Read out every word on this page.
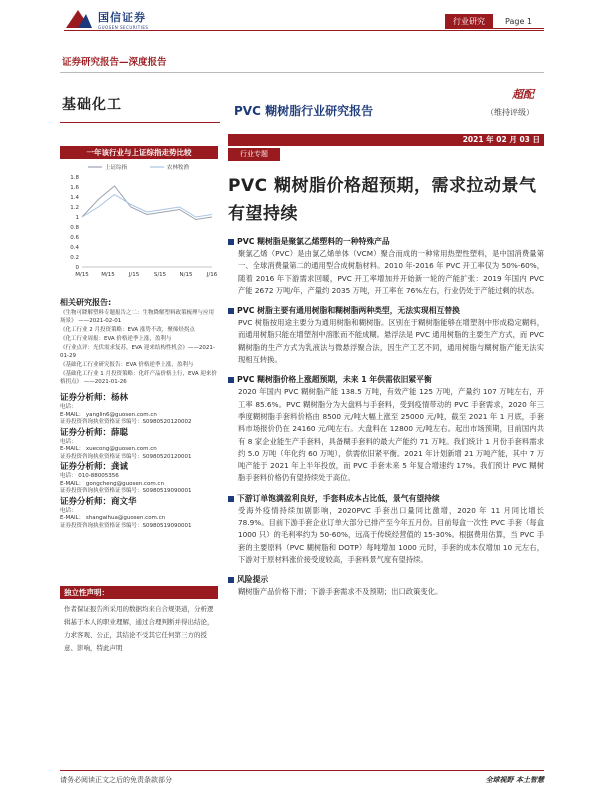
国信证券
GUOSEN SECURITIES
行业研究	Page 1
证券研究报告—深度报告
基础化工	PVC 糊树脂行业研究报告
超配
（维持评级）
2021 年 02 月 03 日
行业专题
一年该行业与上证综指走势比较
上证综指	农林牧渔
1.8
1.6
1.4
1.2
1
0.8
0.6
0.4
0.2
0
M/15 M/15	J/15	S/15 N/15	J/16
相关研究报告:
《生物可降解塑料专题报告之二：生物降解塑料政策梳理与应用场景》 ——2021-02-01
《化工行业 2 月投资策略：EVA 涨势不改，聚烯烃拐点
《化工行业周报：EVA 价格逆季上涨，盈利与
《行业点评：光伏需求复苏，EVA 迎来结构性机会》——2021-01-29
《基础化工行业研究报告：EVA 价格逆季上涨，盈利与
《基础化工行业 1 月投资策略：化纤产品价格上行，EVA 迎来价格拐点》 ——2021-01-26
证券分析师：杨林
电话：
E-MAIL： yanglin6@guosen.com.cn
证券投资咨询执业资格证书编号：S0980520120002
证券分析师：薛聪
电话：
E-MAIL： xuecong@guosen.com.cn
证券投资咨询执业资格证书编号：S0980520120001
证券分析师：龚诚
电话： 010-88005356
E-MAIL： gongcheng@guosen.com.cn
证券投资咨询执业资格证书编号：S0980519090001
证券分析师：商文华
电话：
E-MAIL： shangaihua@guosen.com.cn
证券投资咨询执业资格证书编号：S0980519090001
独立性声明：
作者保证报告所采用的数据均来自合规渠道，分析逻辑基于本人的职业理解，通过合理判断并得出结论，力求客观、公正，其结论不受其它任何第三方的授意、影响，特此声明
PVC 糊树脂价格超预期，需求拉动景气有望持续
PVC 糊树脂是聚氯乙烯塑料的一种特殊产品
聚氯乙烯（PVC）是由氯乙烯单体（VCM）聚合而成的一种常用热塑性塑料，是中国消费量第一、全球消费量第二的通用型合成树脂材料。2010 年-2016 年 PVC 开工率仅为 50%-60%，随着 2016 年下游需求回暖，PVC 开工率增加并开始新一轮的产能扩张：2019 年国内 PVC 产能 2672 万吨/年，产量约 2035 万吨，开工率在 76%左右，行业仍处于产能过剩的状态。
PVC 树脂主要有通用树脂和糊树脂两种类型，无法实现相互替换
PVC 树脂按用途主要分为通用树脂和糊树脂。区别在于糊树脂能够在增塑剂中形成稳定糊料，而通用树脂只能在增塑剂中溶胀而不能成糊。悬浮法是 PVC 通用树脂的主要生产方式，而 PVC 糊树脂的生产方式为乳液法与微悬浮聚合法，因生产工艺不同，通用树脂与糊树脂产能无法实现相互转换。
PVC 糊树脂价格上涨超预期，未来 1 年供需依旧紧平衡
2020 年国内 PVC 糊树脂产能 138.5 万吨，有效产能 125 万吨，产量约 107 万吨左右，开工率 85.6%。PVC 糊树脂分为大盘料与手套料，受到疫情带动的 PVC 手套需求，2020 年三季度糊树脂手套料价格由 8500 元/吨大幅上涨至 25000 元/吨，截至 2021 年 1 月底，手套料市场报价仍在 24160 元/吨左右。大盘料在 12800 元/吨左右。起出市场预期，目前国内共有 8 家企业能生产手套料，具备糊手套料的最大产能约 71 万吨。我们统计 1 月份手套料需求约 5.0 万吨（年化约 60 万吨），供需依旧紧平衡。2021 年计划新增 21 万吨产能，其中 7 万吨产能于 2021 年上半年投放，而 PVC 手套未来 5 年复合增速约 17%。我们预计 PVC 糊树脂手套料价格仍有望持续处于高位。
下游订单饱满盈利良好，手套料成本占比低，景气有望持续
受海外疫情持续加剧影响，2020PVC 手套出口量同比激增，2020 年 11 月同比增长 78.9%。目前下游手套企业订单大部分已排产至今年五月份。目前每盒一次性 PVC 手套（每盒 1000 只）的毛利率约为 50-60%，远高于传统经营值的 15-30%。根据费用估算，当 PVC 手套的主要原料（PVC 糊树脂和 DOTP）每吨增加 1000 元时，手套的成本仅增加 10 元左右，下游对于原材料涨价接受度较高，手套料景气度有望持续。
风险提示
糊树脂产品价格下滑；下游手套需求不及预期；出口政策变化。
请务必阅读正文之后的免责条款部分	全球视野 本土智慧
